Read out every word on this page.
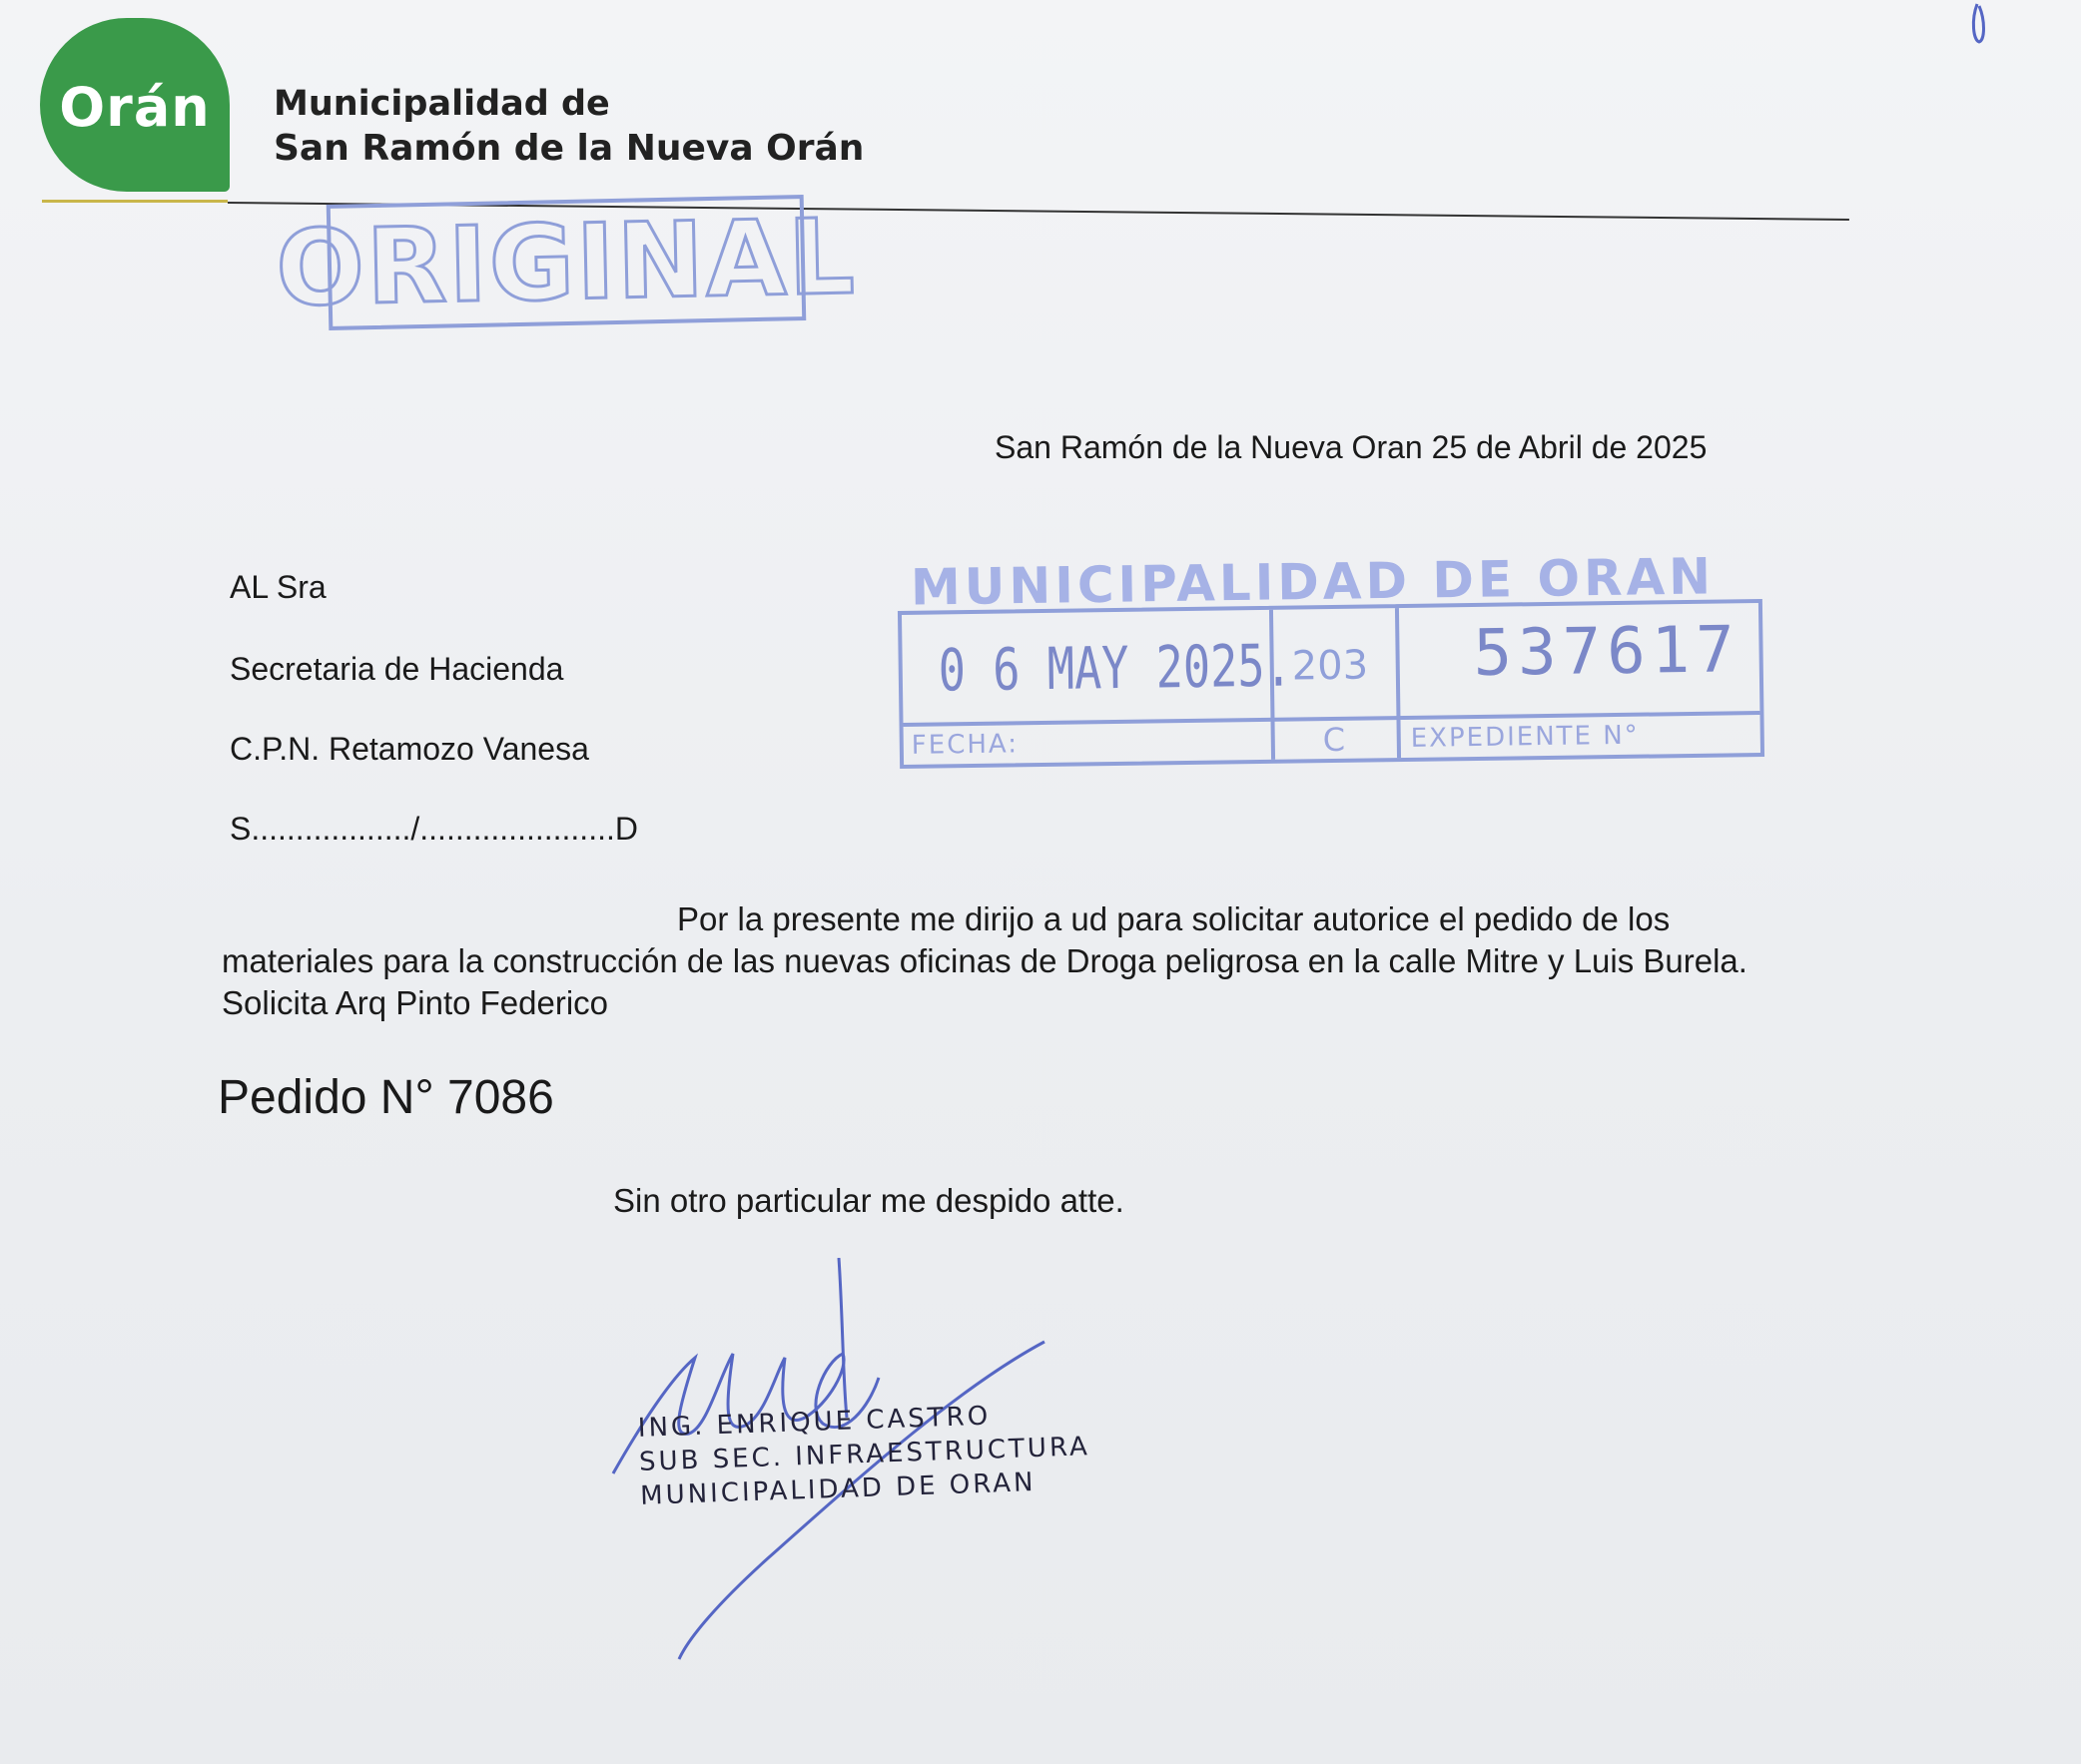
Orán Municipalidad de
San Ramón de la Nueva Orán
ORIGINAL
San Ramón de la Nueva Oran 25 de Abril de 2025
AL Sra
Secretaria de Hacienda
C.P.N. Retamozo Vanesa
S................../......................D
MUNICIPALIDAD DE ORAN
0 6 MAY 2025. 203 537617
FECHA:	C EXPEDIENTE N°
Por la presente me dirijo a ud para solicitar autorice el pedido de los materiales para la construcción de las nuevas oficinas de Droga peligrosa en la calle Mitre y Luis Burela. Solicita Arq Pinto Federico
Pedido N° 7086
Sin otro particular me despido atte.
ING. ENRIQUE CASTRO
SUB SEC. INFRAESTRUCTURA
MUNICIPALIDAD DE ORAN
